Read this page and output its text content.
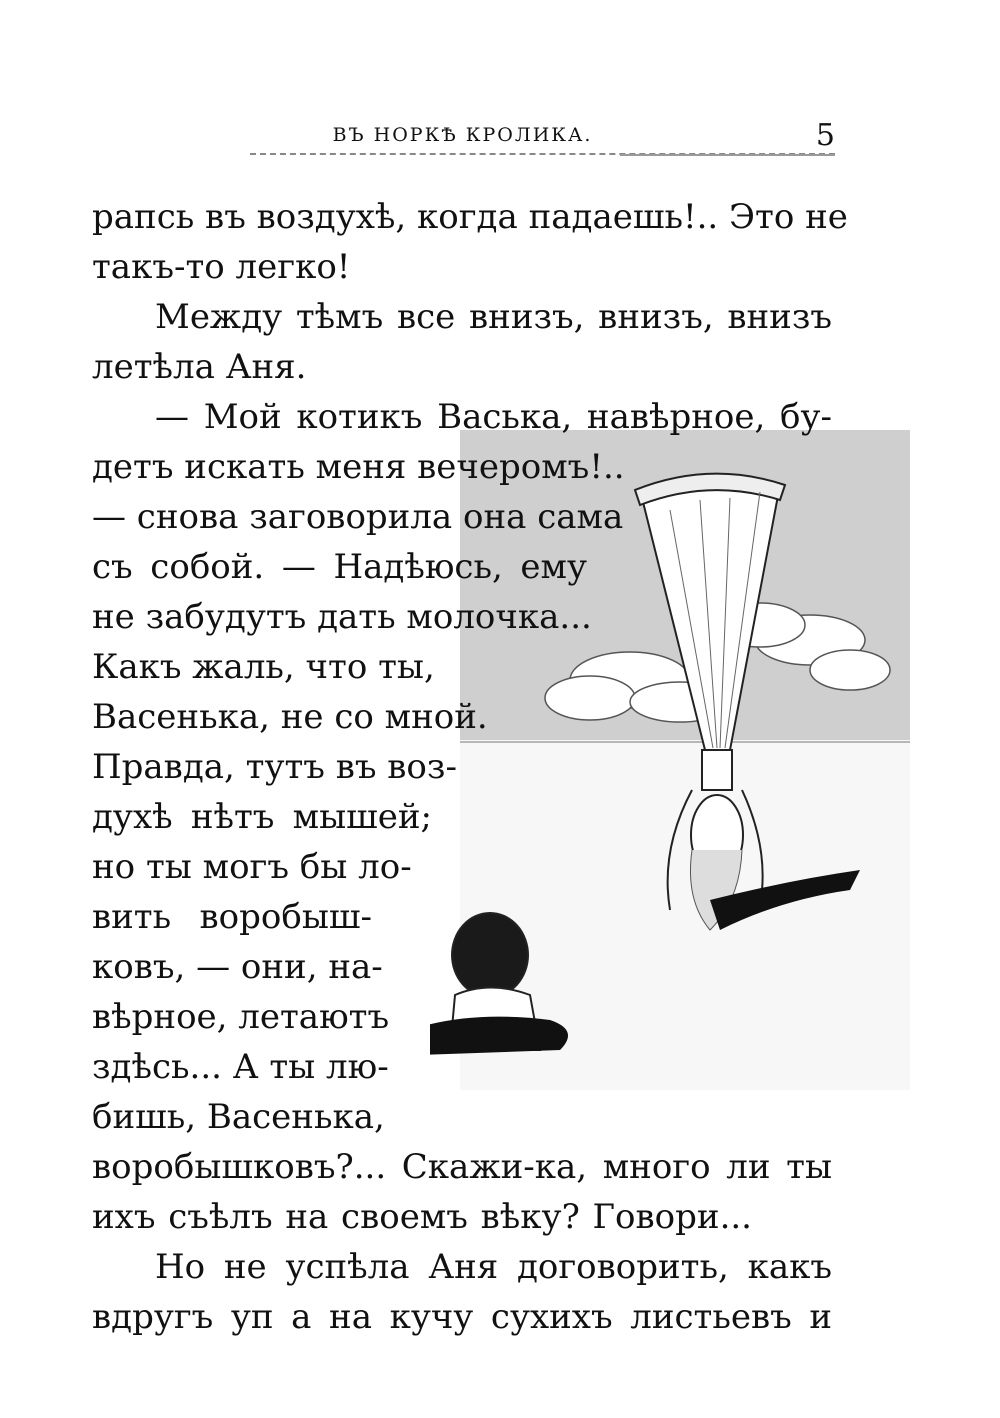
ВЪ НОРКѢ КРОЛИКА.	5

рапсь въ воздухѣ, когда падаешь!.. Это не
такъ-то легко!
Между тѣмъ все внизъ, внизъ, внизъ
летѣла Аня.
— Мой котикъ Васька, навѣрное, бу-
детъ искать меня вечеромъ!..
— снова заговорила она сама
съ собой. — Надѣюсь, ему
не забудутъ дать молочка...
Какъ жаль, что ты,
Васенька, не со мной.
Правда, тутъ въ воз-
духѣ нѣтъ мышей;
но ты могъ бы ло-
вить воробыш-
ковъ, — они, на-
вѣрное, летаютъ
здѣсь... А ты лю-
бишь, Васенька,
воробышковъ?... Скажи-ка, много ли ты
ихъ съѣлъ на своемъ вѣку? Говори...
Но не успѣла Аня договорить, какъ
вдругъ уп а на кучу сухихъ листьевъ и
